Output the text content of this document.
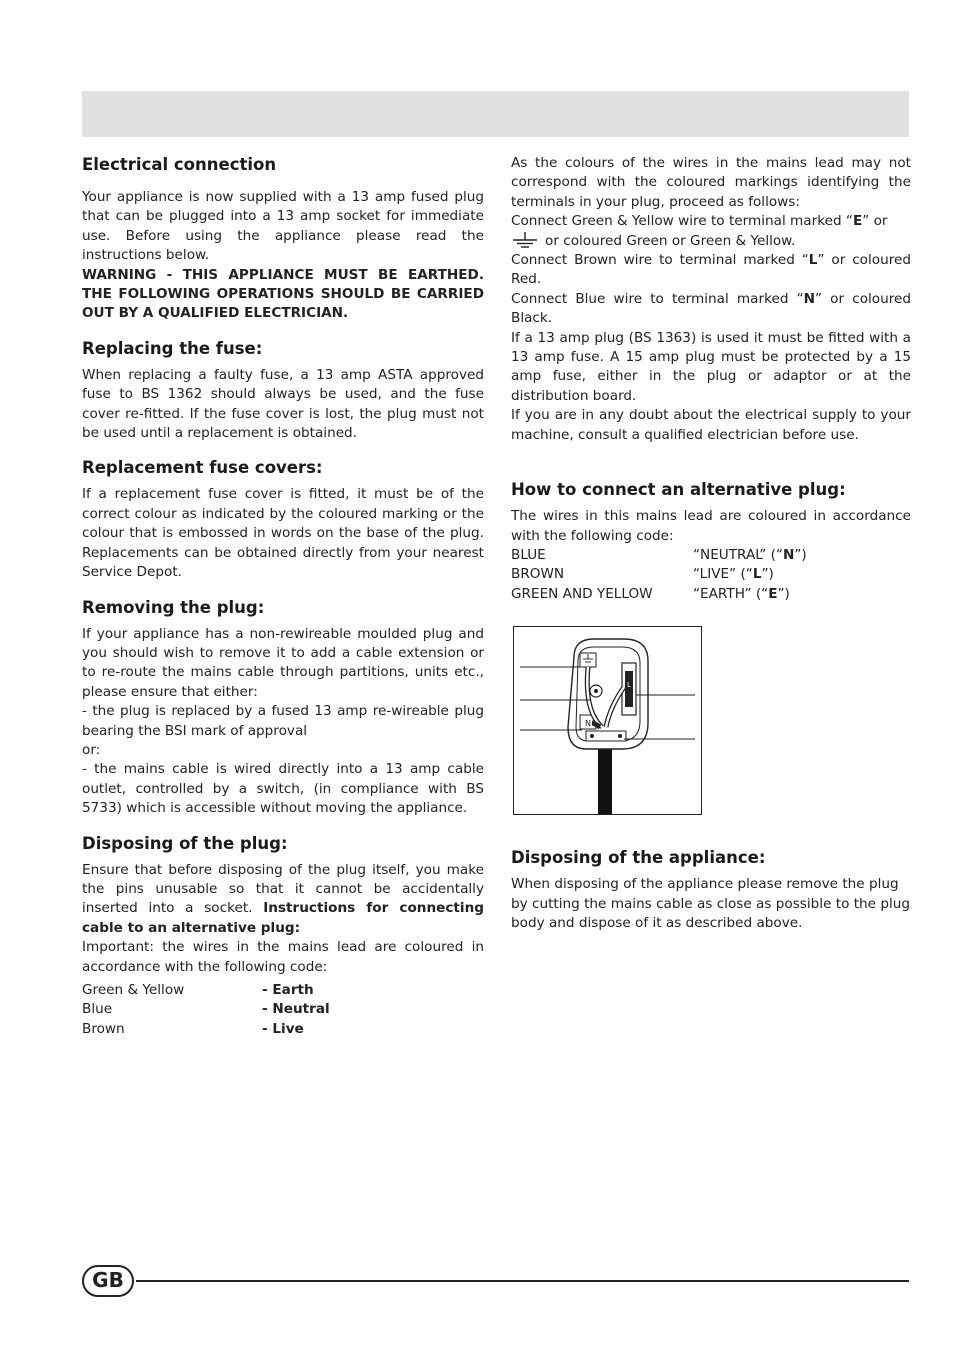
Electrical connection

Your appliance is now supplied with a 13 amp fused plug that can be plugged into a 13 amp socket for immediate use. Before using the appliance please read the instructions below.

WARNING - THIS APPLIANCE MUST BE EARTHED. THE FOLLOWING OPERATIONS SHOULD BE CARRIED OUT BY A QUALIFIED ELECTRICIAN.

Replacing the fuse:

When replacing a faulty fuse, a 13 amp ASTA approved fuse to BS 1362 should always be used, and the fuse cover re-fitted. If the fuse cover is lost, the plug must not be used until a replacement is obtained.

Replacement fuse covers:

If a replacement fuse cover is fitted, it must be of the correct colour as indicated by the coloured marking or the colour that is embossed in words on the base of the plug. Replacements can be obtained directly from your nearest Service Depot.

Removing the plug:

If your appliance has a non-rewireable moulded plug and you should wish to remove it to add a cable extension or to re-route the mains cable through partitions, units etc., please ensure that either:

- the plug is replaced by a fused 13 amp re-wireable plug bearing the BSI mark of approval

or:

- the mains cable is wired directly into a 13 amp cable outlet, controlled by a switch, (in compliance with BS 5733) which is accessible without moving the appliance.

Disposing of the plug:

Ensure that before disposing of the plug itself, you make the pins unusable so that it cannot be accidentally inserted into a socket. Instructions for connecting cable to an alternative plug:

Important: the wires in the mains lead are coloured in accordance with the following code:

Green & Yellow	- Earth
Blue	- Neutral
Brown	- Live

As the colours of the wires in the mains lead may not correspond with the coloured markings identifying the terminals in your plug, proceed as follows:

Connect Green & Yellow wire to terminal marked “E” or

or coloured Green or Green & Yellow.

Connect Brown wire to terminal marked “L” or coloured Red.

Connect Blue wire to terminal marked “N” or coloured Black.

If a 13 amp plug (BS 1363) is used it must be fitted with a 13 amp fuse. A 15 amp plug must be protected by a 15 amp fuse, either in the plug or adaptor or at the distribution board.

If you are in any doubt about the electrical supply to your machine, consult a qualified electrician before use.

How to connect an alternative plug:

The wires in this mains lead are coloured in accordance with the following code:

BLUE	“NEUTRAL” (“N”)
BROWN	“LIVE” (“L”)
GREEN AND YELLOW	“EARTH” (“E”)
L
N
Disposing of the appliance:

When disposing of the appliance please remove the plug by cutting the mains cable as close as possible to the plug body and dispose of it as described above.

GB
